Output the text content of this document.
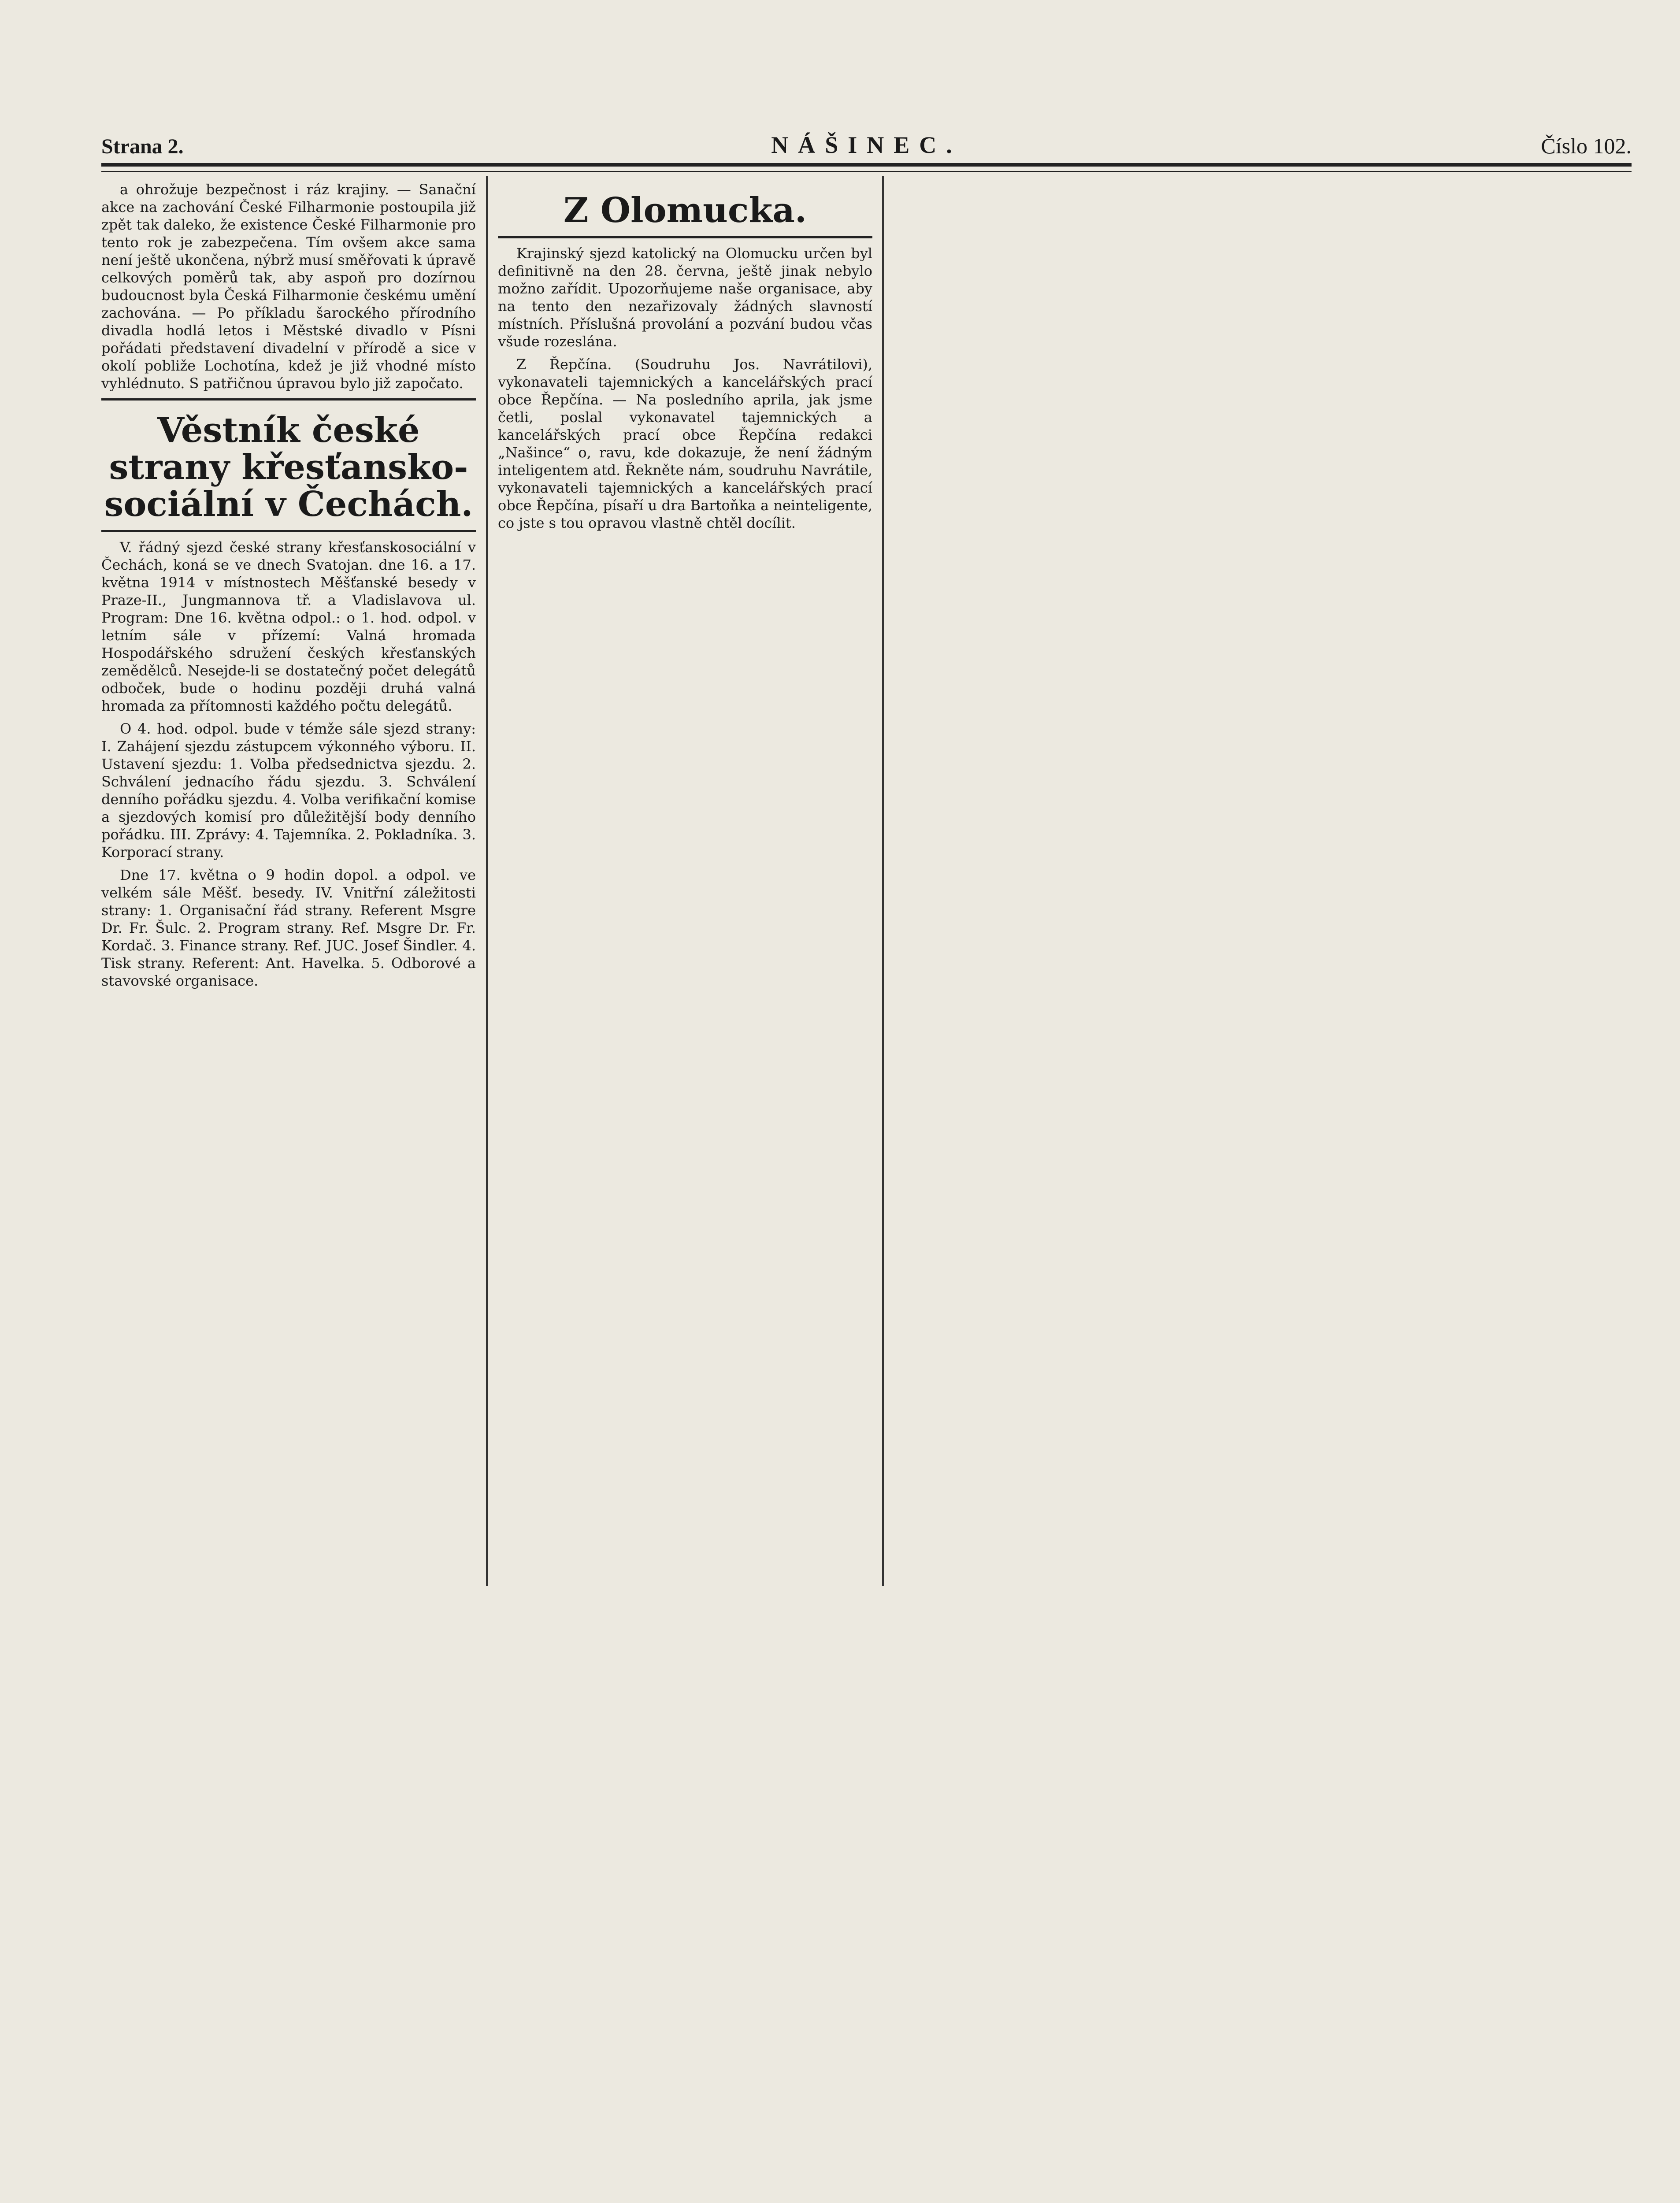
Strana 2.	NÁŠINEC.	Číslo 102.

a ohrožuje bezpečnost i ráz krajiny. — Sanační akce na zachování České Filharmonie postoupila již zpět tak daleko, že existence České Filharmonie pro tento rok je zabezpečena. Tím ovšem akce sama není ještě ukončena, nýbrž musí směřovati k úpravě celkových poměrů tak, aby aspoň pro dozírnou budoucnost byla Česká Filharmonie českému umění zachována. — Po příkladu šarockého přírodního divadla hodlá letos i Městské divadlo v Písni pořádati představení divadelní v přírodě a sice v okolí pobliže Lochotína, kdež je již vhodné místo vyhlédnuto. S patřičnou úpravou bylo již započato.

Věstník české strany křesťansko-sociální v Čechách.

V. řádný sjezd české strany křesťanskosociální v Čechách, koná se ve dnech Svatojan. dne 16. a 17. května 1914 v místnostech Měšťanské besedy v Praze-II., Jungmannova tř. a Vladislavova ul. Program: Dne 16. května odpol.: o 1. hod. odpol. v letním sále v přízemí: Valná hromada Hospodářského sdružení českých křesťanských zemědělců. Nesejde-li se dostatečný počet delegátů odboček, bude o hodinu později druhá valná hromada za přítomnosti každého počtu delegátů.

O 4. hod. odpol. bude v témže sále sjezd strany: I. Zahájení sjezdu zástupcem výkonného výboru. II. Ustavení sjezdu: 1. Volba předsednictva sjezdu. 2. Schválení jednacího řádu sjezdu. 3. Schválení denního pořádku sjezdu. 4. Volba verifikační komise a sjezdových komisí pro důležitější body denního pořádku. III. Zprávy: 4. Tajemníka. 2. Pokladníka. 3. Korporací strany.

Dne 17. května o 9 hodin dopol. a odpol. ve velkém sále Měšť. besedy. IV. Vnitřní záležitosti strany: 1. Organisační řád strany. Referent Msgre Dr. Fr. Šulc. 2. Program strany. Ref. Msgre Dr. Fr. Kordač. 3. Finance strany. Ref. JUC. Josef Šindler. 4. Tisk strany. Referent: Ant. Havelka. 5. Odborové a stavovské organisace.

Z Olomucka.

Krajinský sjezd katolický na Olomucku určen byl definitivně na den 28. června, ještě jinak nebylo možno zařídit. Upozorňujeme naše organisace, aby na tento den nezařizovaly žádných slavností místních. Příslušná provolání a pozvání budou včas všude rozeslána.

Z Řepčína. (Soudruhu Jos. Navrátilovi), vykonavateli tajemnických a kancelářských prací obce Řepčína. — Na posledního aprila, jak jsme četli, poslal vykonavatel tajemnických a kancelářských prací obce Řepčína redakci „Našince“ o, ravu, kde dokazuje, že není žádným inteligentem atd. Řekněte nám, soudruhu Navrátile, vykonavateli tajemnických a kancelářských prací obce Řepčína, písaří u dra Bartoňka a neinteligente, co jste s tou opravou vlastně chtěl docílit.
